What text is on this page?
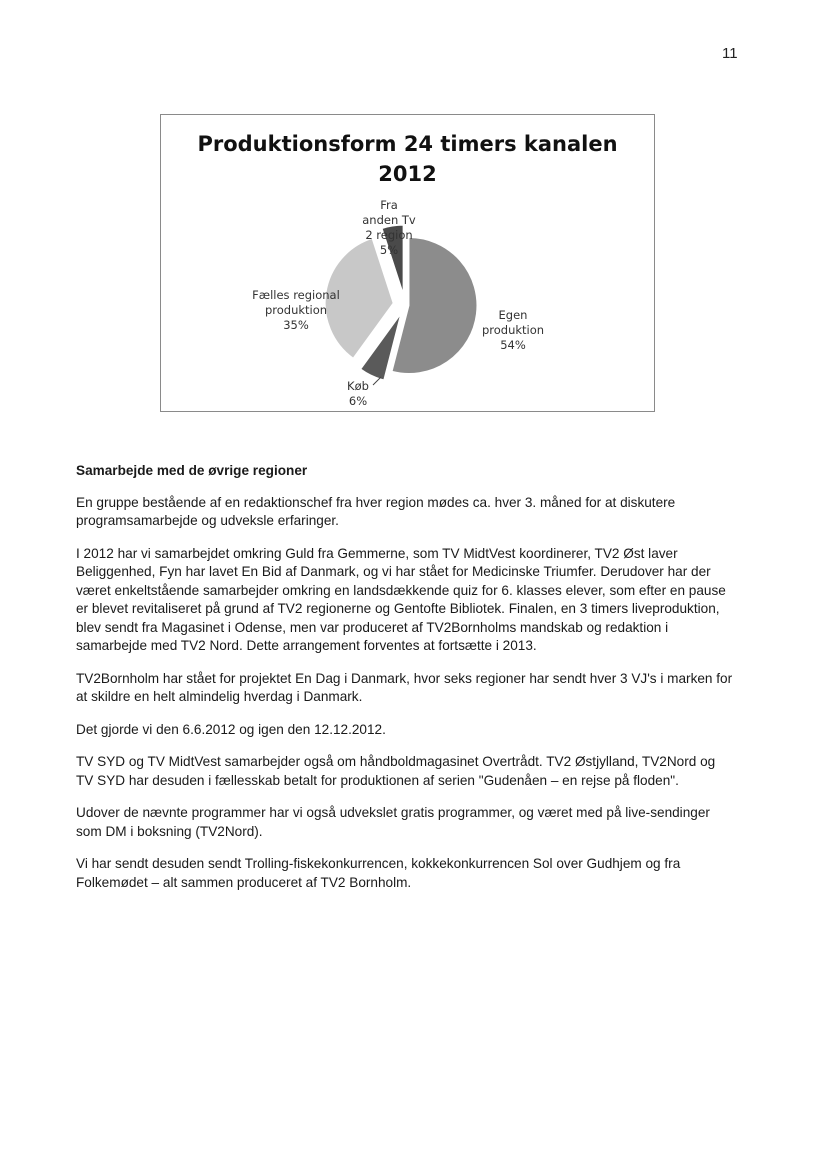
11
Produktionsform 24 timers kanalen
2012
Fra
anden Tv
2 region
5%
Fælles regional
produktion
35%
Egen
produktion
54%
Køb
6%
Samarbejde med de øvrige regioner

En gruppe bestående af en redaktionschef fra hver region mødes ca. hver 3. måned for at diskutere programsamarbejde og udveksle erfaringer.

I 2012 har vi samarbejdet omkring Guld fra Gemmerne, som TV MidtVest koordinerer, TV2 Øst laver Beliggenhed, Fyn har lavet En Bid af Danmark, og vi har stået for Medicinske Triumfer. Derudover har der været enkeltstående samarbejder omkring en landsdækkende quiz for 6. klasses elever, som efter en pause er blevet revitaliseret på grund af TV2 regionerne og Gentofte Bibliotek. Finalen, en 3 timers liveproduktion, blev sendt fra Magasinet i Odense, men var produceret af TV2Bornholms mandskab og redaktion i samarbejde med TV2 Nord. Dette arrangement forventes at fortsætte i 2013.

TV2Bornholm har stået for projektet En Dag i Danmark, hvor seks regioner har sendt hver 3 VJ's i marken for at skildre en helt almindelig hverdag i Danmark.

Det gjorde vi den 6.6.2012 og igen den 12.12.2012.

TV SYD og TV MidtVest samarbejder også om håndboldmagasinet Overtrådt. TV2 Østjylland, TV2Nord og TV SYD har desuden i fællesskab betalt for produktionen af serien "Gudenåen – en rejse på floden".

Udover de nævnte programmer har vi også udvekslet gratis programmer, og været med på live-sendinger som DM i boksning (TV2Nord).

Vi har sendt desuden sendt Trolling-fiskekonkurrencen, kokkekonkurrencen Sol over Gudhjem og fra Folkemødet – alt sammen produceret af TV2 Bornholm.
